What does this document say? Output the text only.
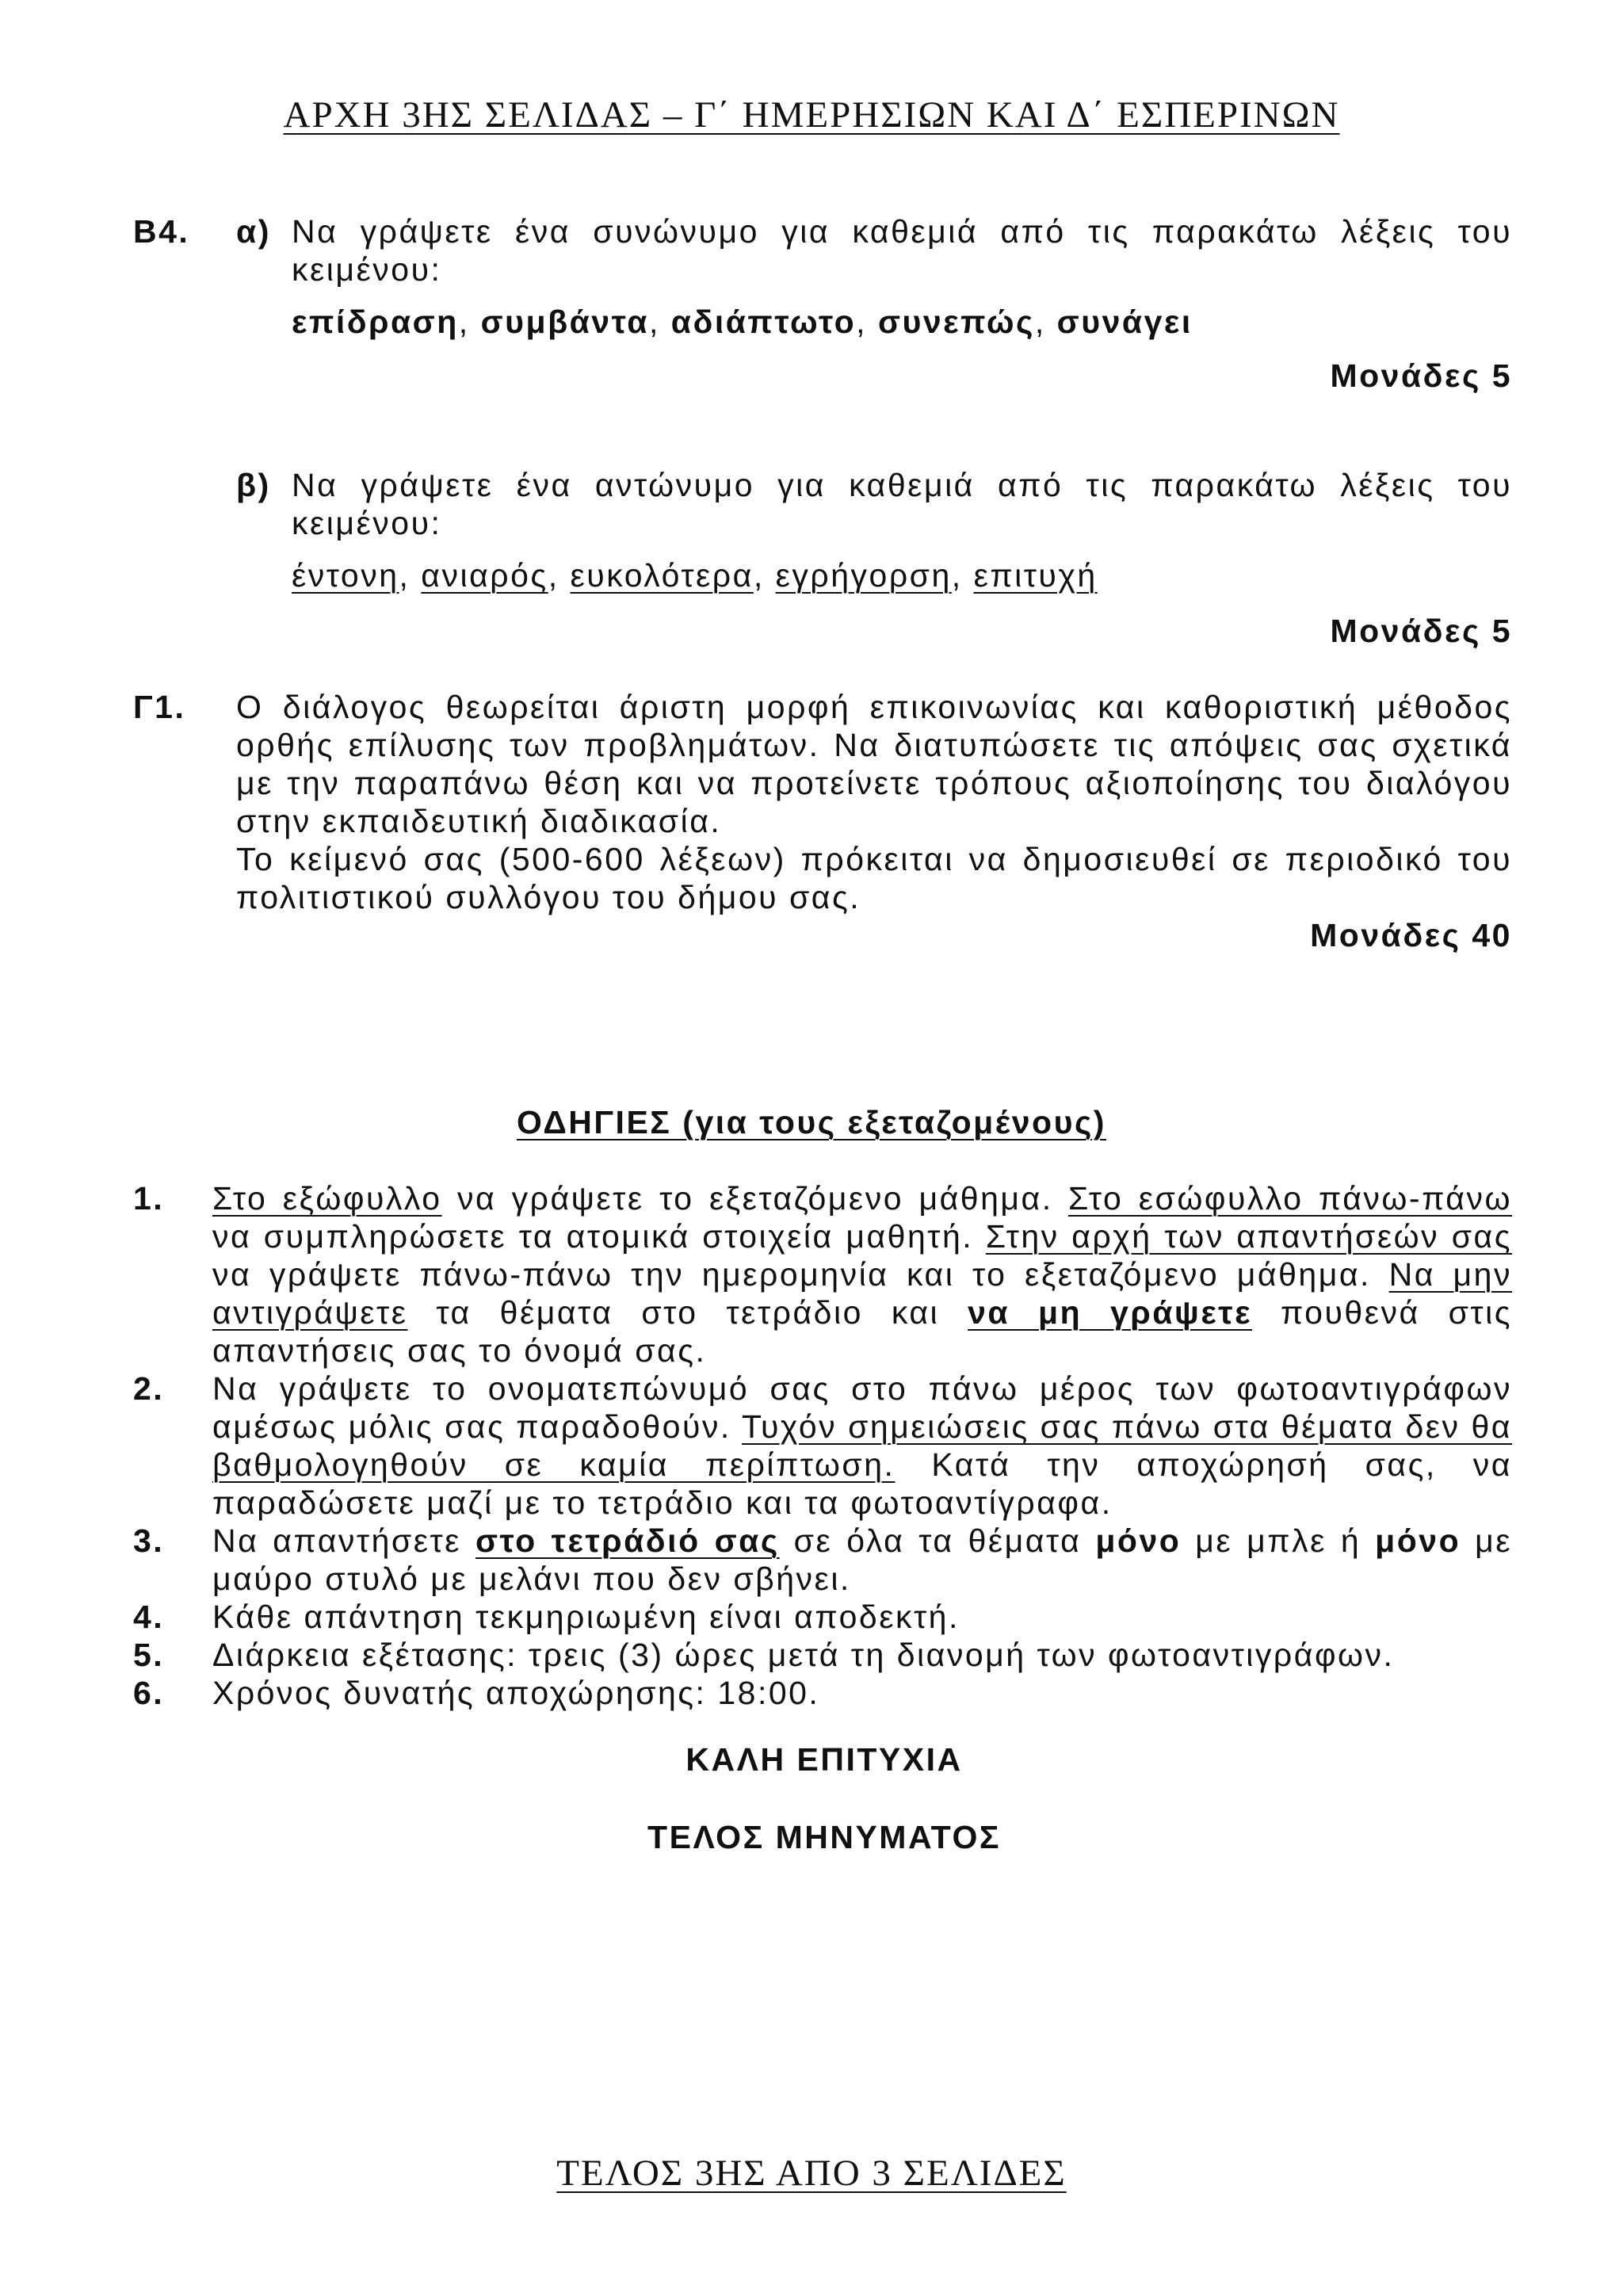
ΑΡΧΗ 3ΗΣ ΣΕΛΙΔΑΣ – Γ΄ ΗΜΕΡΗΣΙΩΝ ΚΑΙ Δ΄ ΕΣΠΕΡΙΝΩΝ
Β4. α) Να γράψετε ένα συνώνυμο για καθεμιά από τις παρακάτω λέξεις του κειμένου:
επίδραση, συμβάντα, αδιάπτωτο, συνεπώς, συνάγει
Μονάδες 5
β) Να γράψετε ένα αντώνυμο για καθεμιά από τις παρακάτω λέξεις του κειμένου:
έντονη, ανιαρός, ευκολότερα, εγρήγορση, επιτυχή
Μονάδες 5
Γ1. Ο διάλογος θεωρείται άριστη μορφή επικοινωνίας και καθοριστική μέθοδος ορθής επίλυσης των προβλημάτων. Να διατυπώσετε τις απόψεις σας σχετικά με την παραπάνω θέση και να προτείνετε τρόπους αξιοποίησης του διαλόγου στην εκπαιδευτική διαδικασία.
Το κείμενό σας (500-600 λέξεων) πρόκειται να δημοσιευθεί σε περιοδικό του πολιτιστικού συλλόγου του δήμου σας.
Μονάδες 40
ΟΔΗΓΙΕΣ (για τους εξεταζομένους)
1. Στο εξώφυλλο να γράψετε το εξεταζόμενο μάθημα. Στο εσώφυλλο πάνω-πάνω να συμπληρώσετε τα ατομικά στοιχεία μαθητή. Στην αρχή των απαντήσεών σας να γράψετε πάνω-πάνω την ημερομηνία και το εξεταζόμενο μάθημα. Να μην αντιγράψετε τα θέματα στο τετράδιο και να μη γράψετε πουθενά στις απαντήσεις σας το όνομά σας.
2. Να γράψετε το ονοματεπώνυμό σας στο πάνω μέρος των φωτοαντιγράφων αμέσως μόλις σας παραδοθούν. Τυχόν σημειώσεις σας πάνω στα θέματα δεν θα βαθμολογηθούν σε καμία περίπτωση. Κατά την αποχώρησή σας, να παραδώσετε μαζί με το τετράδιο και τα φωτοαντίγραφα.
3. Να απαντήσετε στο τετράδιό σας σε όλα τα θέματα μόνο με μπλε ή μόνο με μαύρο στυλό με μελάνι που δεν σβήνει.
4. Κάθε απάντηση τεκμηριωμένη είναι αποδεκτή.
5. Διάρκεια εξέτασης: τρεις (3) ώρες μετά τη διανομή των φωτοαντιγράφων.
6. Χρόνος δυνατής αποχώρησης: 18:00.
ΚΑΛΗ ΕΠΙΤΥΧΙΑ
ΤΕΛΟΣ ΜΗΝΥΜΑΤΟΣ
ΤΕΛΟΣ 3ΗΣ ΑΠΟ 3 ΣΕΛΙΔΕΣ
